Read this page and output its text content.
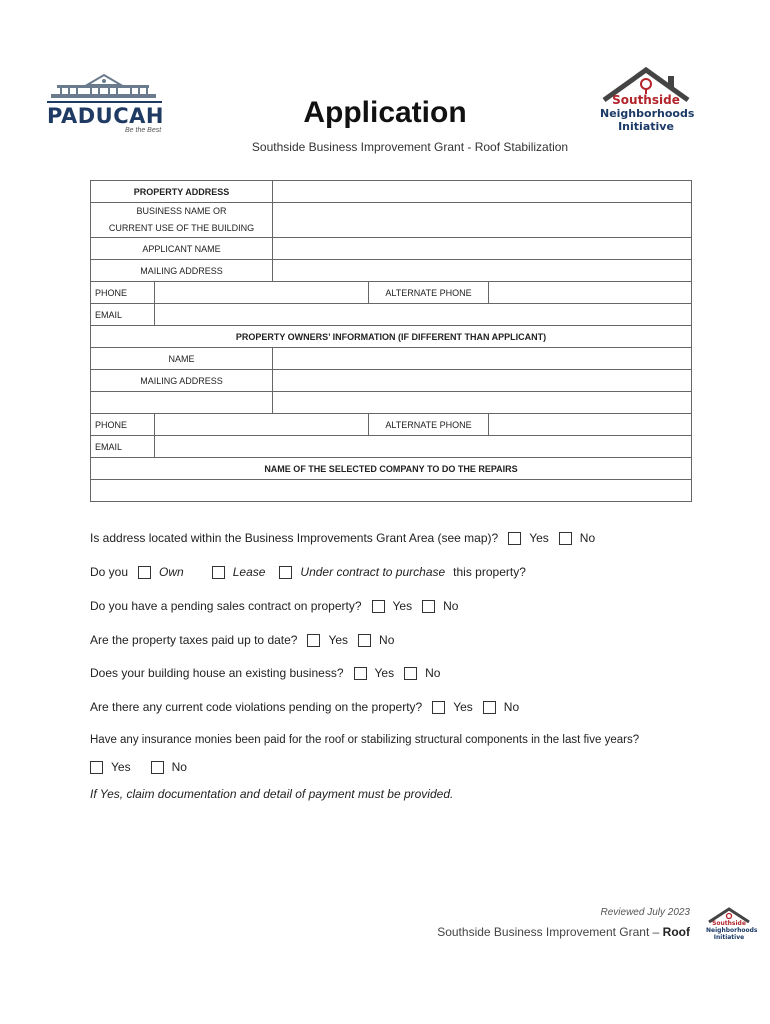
PADUCAH
Be the Best
Application
Southside Business Improvement Grant - Roof Stabilization
Southside
Neighborhoods
Initiative
PROPERTY ADDRESS				

BUSINESS NAME OR
CURRENT USE OF THE BUILDING				

APPLICANT NAME				
MAILING ADDRESS				
PHONE			ALTERNATE PHONE	
EMAIL				
PROPERTY OWNERS’ INFORMATION (IF DIFFERENT THAN APPLICANT)				
NAME				
MAILING ADDRESS				

PHONE			ALTERNATE PHONE	
EMAIL				
NAME OF THE SELECTED COMPANY TO DO THE REPAIRS				

Is address located within the Business Improvements Grant Area (see map)?	Yes	No
Do you	Own	Lease	Under contract to purchase this property?
Do you have a pending sales contract on property?	Yes	No
Are the property taxes paid up to date?	Yes	No
Does your building house an existing business?	Yes	No
Are there any current code violations pending on the property?	Yes	No
Have any insurance monies been paid for the roof or stabilizing structural components in the last five years?
Yes	No
If Yes, claim documentation and detail of payment must be provided.
Reviewed July 2023
Southside Business Improvement Grant – Roof
Southside
Neighborhoods
Initiative
